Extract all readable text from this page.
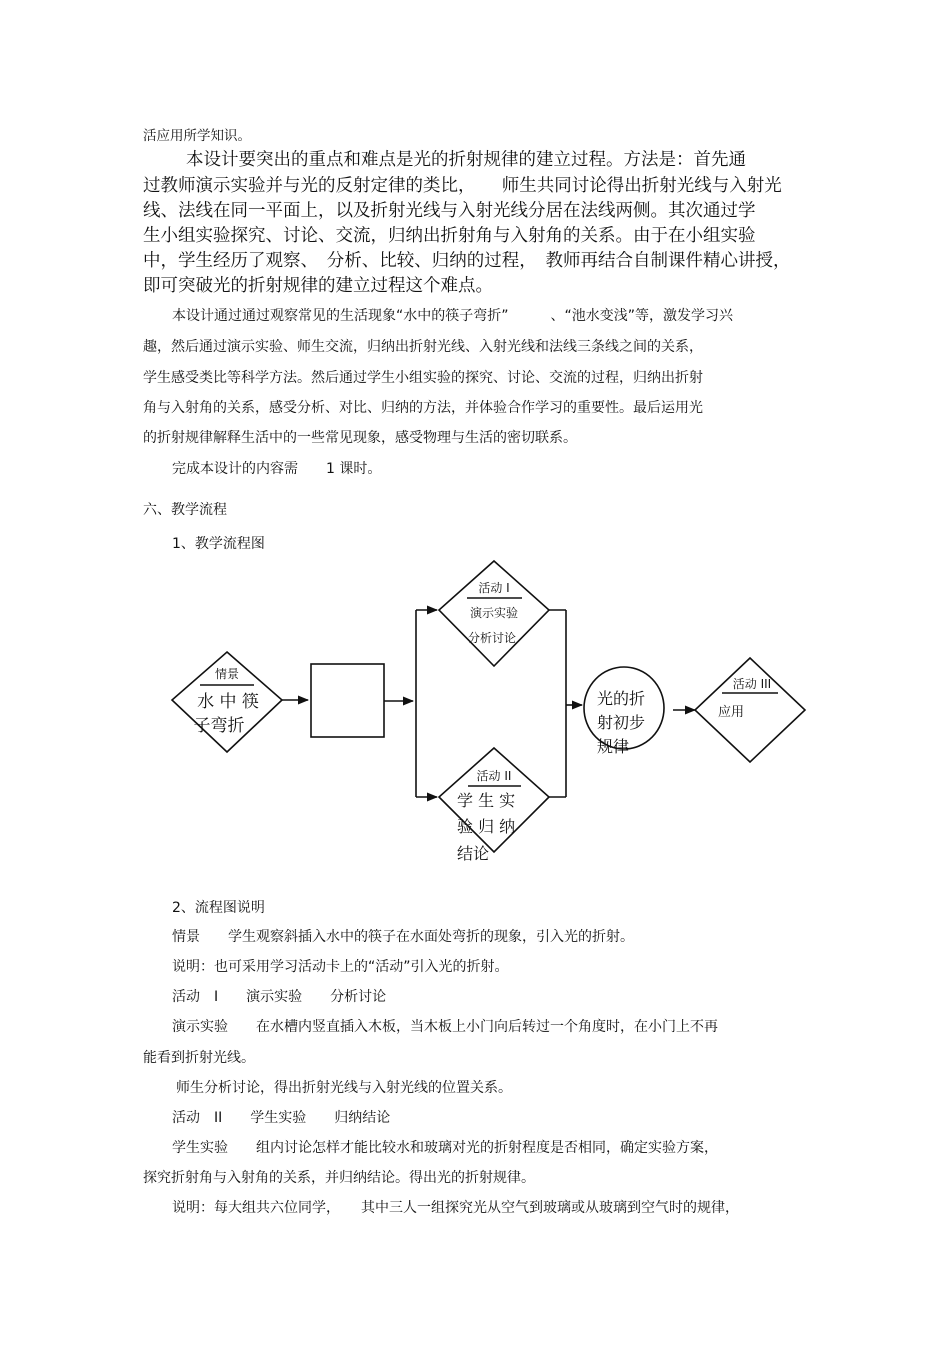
活应用所学知识。
本设计要突出的重点和难点是光的折射规律的建立过程。方法是：首先通
过教师演示实验并与光的反射定律的类比，　　师生共同讨论得出折射光线与入射光
线、法线在同一平面上，以及折射光线与入射光线分居在法线两侧。其次通过学
生小组实验探究、讨论、交流，归纳出折射角与入射角的关系。由于在小组实验
中，学生经历了观察、　分析、比较、归纳的过程，　教师再结合自制课件精心讲授，
即可突破光的折射规律的建立过程这个难点。
本设计通过通过观察常见的生活现象“水中的筷子弯折”　　　、“池水变浅”等，激发学习兴
趣，然后通过演示实验、师生交流，归纳出折射光线、入射光线和法线三条线之间的关系，
学生感受类比等科学方法。然后通过学生小组实验的探究、讨论、交流的过程，归纳出折射
角与入射角的关系，感受分析、对比、归纳的方法，并体验合作学习的重要性。最后运用光
的折射规律解释生活中的一些常见现象，感受物理与生活的密切联系。
完成本设计的内容需　　1 课时。
六、教学流程
1、教学流程图
情景
水 中 筷
子弯折
活动 I
演示实验
分析讨论
活动 II
学 生 实
验 归 纳
结论
光的折
射初步
规律
活动 III
应用
2、流程图说明
情景　　学生观察斜插入水中的筷子在水面处弯折的现象，引入光的折射。
说明：也可采用学习活动卡上的“活动”引入光的折射。
活动　I　　演示实验　　分析讨论
演示实验　　在水槽内竖直插入木板，当木板上小门向后转过一个角度时，在小门上不再
能看到折射光线。
师生分析讨论，得出折射光线与入射光线的位置关系。
活动　II　　学生实验　　归纳结论
学生实验　　组内讨论怎样才能比较水和玻璃对光的折射程度是否相同，确定实验方案，
探究折射角与入射角的关系，并归纳结论。得出光的折射规律。
说明：每大组共六位同学，　　其中三人一组探究光从空气到玻璃或从玻璃到空气时的规律，
